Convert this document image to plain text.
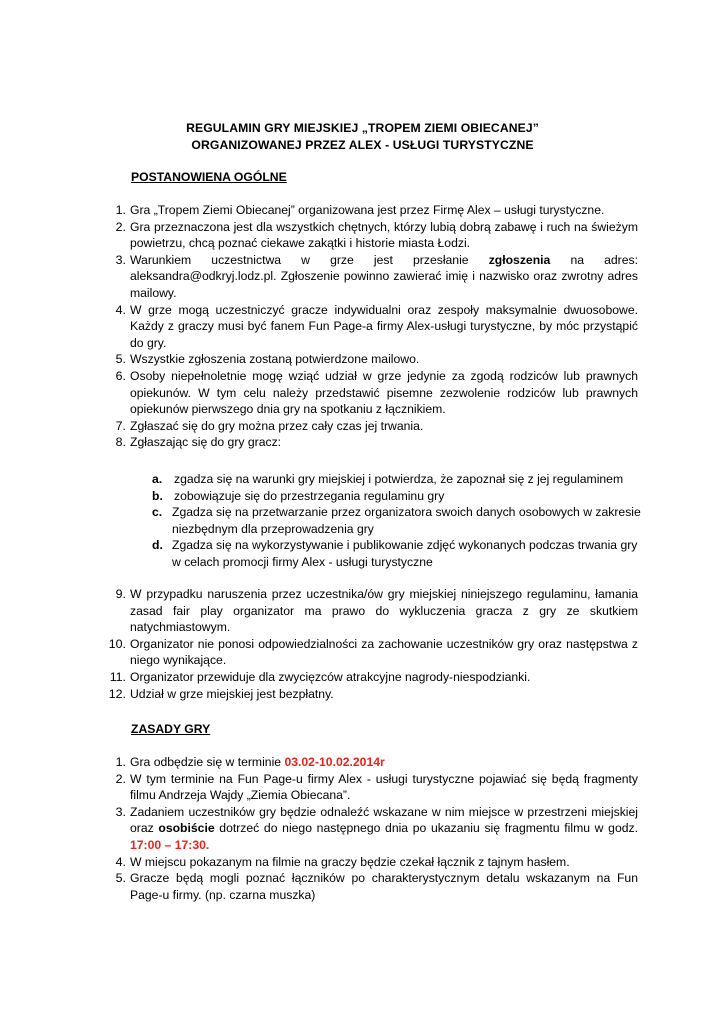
REGULAMIN GRY MIEJSKIEJ „TROPEM ZIEMI OBIECANEJ”
ORGANIZOWANEJ PRZEZ ALEX - USŁUGI TURYSTYCZNE
POSTANOWIENA OGÓLNE
1. Gra „Tropem Ziemi Obiecanej” organizowana jest przez Firmę Alex – usługi turystyczne.
2. Gra przeznaczona jest dla wszystkich chętnych, którzy lubią dobrą zabawę i ruch na świeżym powietrzu, chcą poznać ciekawe zakątki i historie miasta Łodzi.
3. Warunkiem uczestnictwa w grze jest przesłanie zgłoszenia na adres: aleksandra@odkryj.lodz.pl. Zgłoszenie powinno zawierać imię i nazwisko oraz zwrotny adres mailowy.
4. W grze mogą uczestniczyć gracze indywidualni oraz zespoły maksymalnie dwuosobowe. Każdy z graczy musi być fanem Fun Page-a firmy Alex-usługi turystyczne, by móc przystąpić do gry.
5. Wszystkie zgłoszenia zostaną potwierdzone mailowo.
6. Osoby niepełnoletnie mogę wziąć udział w grze jedynie za zgodą rodziców lub prawnych opiekunów. W tym celu należy przedstawić pisemne zezwolenie rodziców lub prawnych opiekunów pierwszego dnia gry na spotkaniu z łącznikiem.
7. Zgłaszać się do gry można przez cały czas jej trwania.
8. Zgłaszając się do gry gracz:
a. zgadza się na warunki gry miejskiej i potwierdza, że zapoznał się z jej regulaminem
b. zobowiązuje się do przestrzegania regulaminu gry
c. Zgadza się na przetwarzanie przez organizatora swoich danych osobowych w zakresie niezbędnym dla przeprowadzenia gry
d. Zgadza się na wykorzystywanie i publikowanie zdjęć wykonanych podczas trwania gry w celach promocji firmy Alex - usługi turystyczne
9. W przypadku naruszenia przez uczestnika/ów gry miejskiej niniejszego regulaminu, łamania zasad fair play organizator ma prawo do wykluczenia gracza z gry ze skutkiem natychmiastowym.
10. Organizator nie ponosi odpowiedzialności za zachowanie uczestników gry oraz następstwa z niego wynikające.
11. Organizator przewiduje dla zwycięzców atrakcyjne nagrody-niespodzianki.
12. Udział w grze miejskiej jest bezpłatny.
ZASADY GRY
1. Gra odbędzie się w terminie 03.02-10.02.2014r
2. W tym terminie na Fun Page-u firmy Alex - usługi turystyczne pojawiać się będą fragmenty filmu Andrzeja Wajdy „Ziemia Obiecana”.
3. Zadaniem uczestników gry będzie odnaleźć wskazane w nim miejsce w przestrzeni miejskiej oraz osobiście dotrzeć do niego następnego dnia po ukazaniu się fragmentu filmu w godz. 17:00 – 17:30.
4. W miejscu pokazanym na filmie na graczy będzie czekał łącznik z tajnym hasłem.
5. Gracze będą mogli poznać łączników po charakterystycznym detalu wskazanym na Fun Page-u firmy. (np. czarna muszka)
